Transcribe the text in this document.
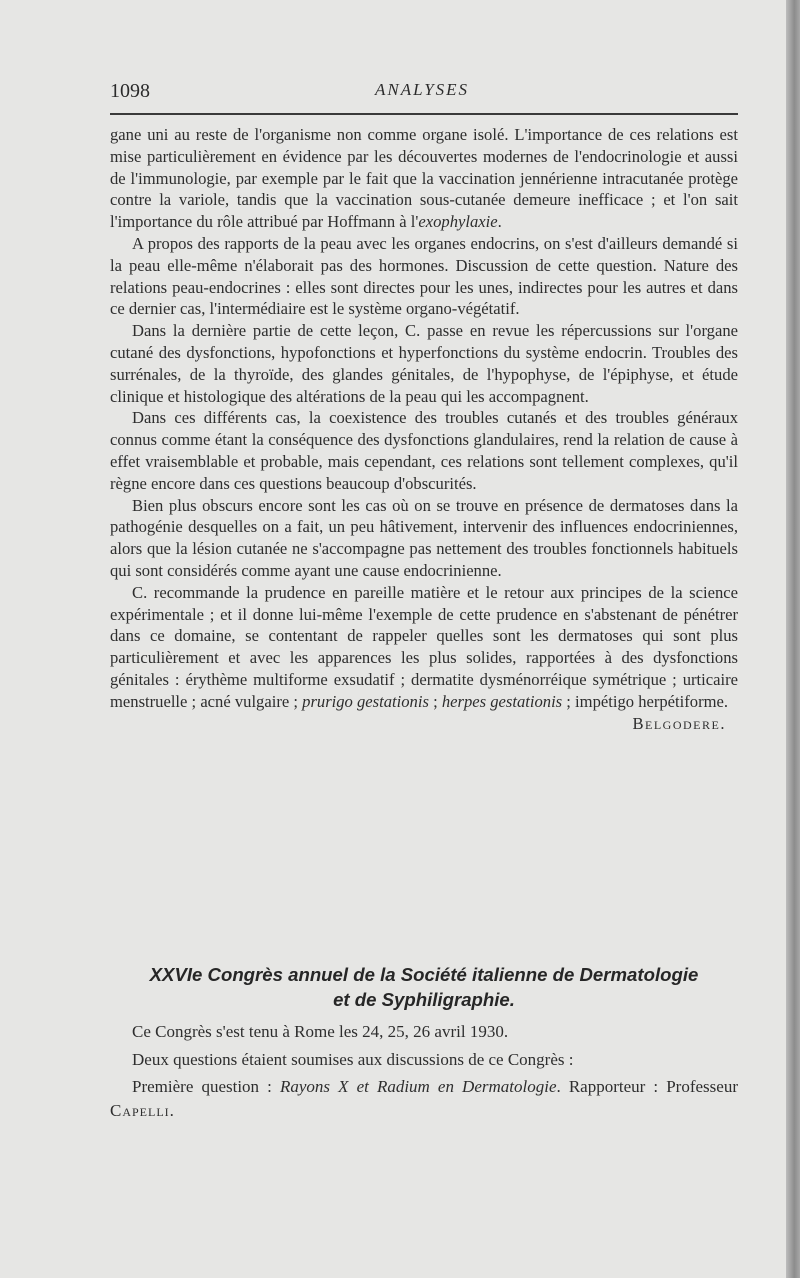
1098	ANALYSES

gane uni au reste de l'organisme non comme organe isolé. L'importance de ces relations est mise particulièrement en évidence par les découvertes modernes de l'endocrinologie et aussi de l'immunologie, par exemple par le fait que la vaccination jennérienne intracutanée protège contre la variole, tandis que la vaccination sous-cutanée demeure inefficace ; et l'on sait l'importance du rôle attribué par Hoffmann à l'exophylaxie.

A propos des rapports de la peau avec les organes endocrins, on s'est d'ailleurs demandé si la peau elle-même n'élaborait pas des hormones. Discussion de cette question. Nature des relations peau-endocrines : elles sont directes pour les unes, indirectes pour les autres et dans ce dernier cas, l'intermédiaire est le système organo-végétatif.

Dans la dernière partie de cette leçon, C. passe en revue les répercussions sur l'organe cutané des dysfonctions, hypofonctions et hyperfonctions du système endocrin. Troubles des surrénales, de la thyroïde, des glandes génitales, de l'hypophyse, de l'épiphyse, et étude clinique et histologique des altérations de la peau qui les accompagnent.

Dans ces différents cas, la coexistence des troubles cutanés et des troubles généraux connus comme étant la conséquence des dysfonctions glandulaires, rend la relation de cause à effet vraisemblable et probable, mais cependant, ces relations sont tellement complexes, qu'il règne encore dans ces questions beaucoup d'obscurités.

Bien plus obscurs encore sont les cas où on se trouve en présence de dermatoses dans la pathogénie desquelles on a fait, un peu hâtivement, intervenir des influences endocriniennes, alors que la lésion cutanée ne s'accompagne pas nettement des troubles fonctionnels habituels qui sont considérés comme ayant une cause endocrinienne.

C. recommande la prudence en pareille matière et le retour aux principes de la science expérimentale ; et il donne lui-même l'exemple de cette prudence en s'abstenant de pénétrer dans ce domaine, se contentant de rappeler quelles sont les dermatoses qui sont plus particulièrement et avec les apparences les plus solides, rapportées à des dysfonctions génitales : érythème multiforme exsudatif ; dermatite dysménorréique symétrique ; urticaire menstruelle ; acné vulgaire ; prurigo gestationis ; herpes gestationis ; impétigo herpétiforme.

Belgodere.
XXVIe Congrès annuel de la Société italienne de Dermatologie
et de Syphiligraphie.

Ce Congrès s'est tenu à Rome les 24, 25, 26 avril 1930.

Deux questions étaient soumises aux discussions de ce Congrès :

Première question : Rayons X et Radium en Dermatologie. Rapporteur : Professeur Capelli.
